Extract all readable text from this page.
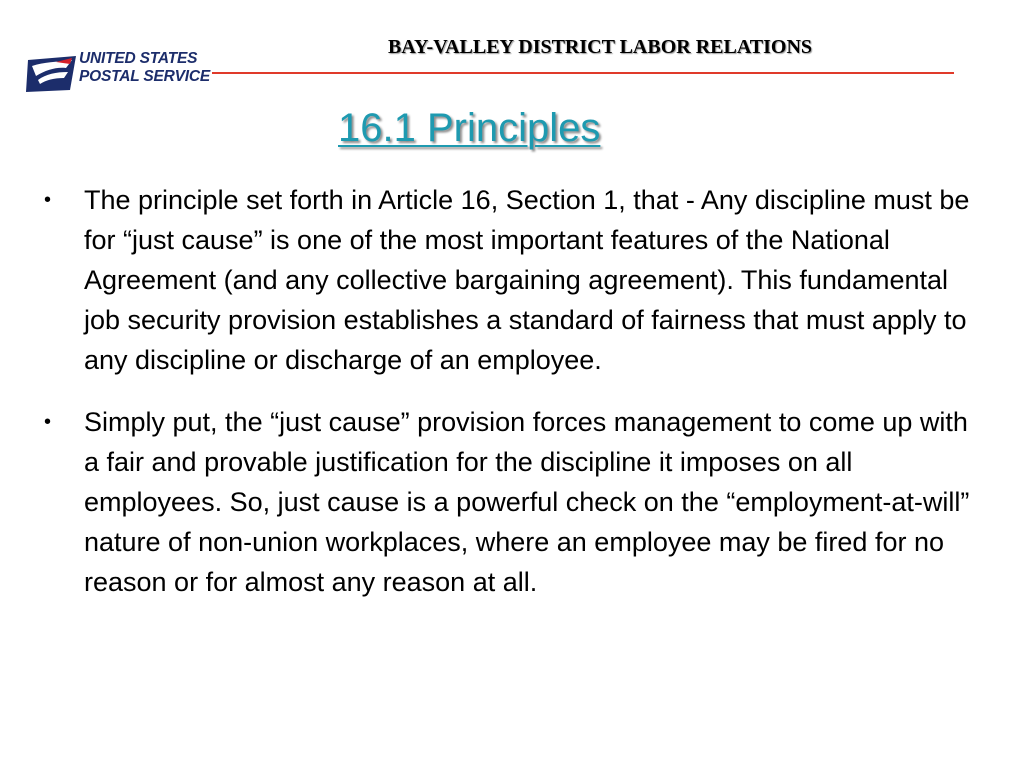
UNITED STATES
POSTAL SERVICE
BAY-VALLEY DISTRICT LABOR RELATIONS
16.1 Principles
•	The principle set forth in Article 16, Section 1, that - Any discipline must be for “just cause” is one of the most important features of the National Agreement (and any collective bargaining agreement). This fundamental job security provision establishes a standard of fairness that must apply to any discipline or discharge of an employee.
•	Simply put, the “just cause” provision forces management to come up with a fair and provable justification for the discipline it imposes on all employees. So, just cause is a powerful check on the “employment-at-will” nature of non-union workplaces, where an employee may be fired for no reason or for almost any reason at all.
